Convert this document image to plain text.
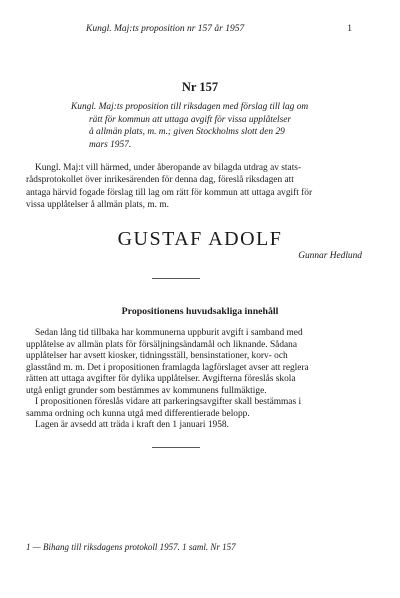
Kungl. Maj:ts proposition nr 157 år 1957	1
Nr 157
Kungl. Maj:ts proposition till riksdagen med förslag till lag om
rätt för kommun att uttaga avgift för vissa upplåtelser
å allmän plats, m. m.; given Stockholms slott den 29
mars 1957.
Kungl. Maj:t vill härmed, under åberopande av bilagda utdrag av stats-
rådsprotokollet över inrikesärenden för denna dag, föreslå riksdagen att
antaga härvid fogade förslag till lag om rätt för kommun att uttaga avgift för
vissa upplåtelser å allmän plats, m. m.
GUSTAF ADOLF
Gunnar Hedlund
Propositionens huvudsakliga innehåll
Sedan lång tid tillbaka har kommunerna uppburit avgift i samband med
upplåtelse av allmän plats för försäljningsändamål och liknande. Sådana
upplåtelser har avsett kiosker, tidningsställ, bensinstationer, korv- och
glasstånd m. m. Det i propositionen framlagda lagförslaget avser att reglera
rätten att uttaga avgifter för dylika upplåtelser. Avgifterna föreslås skola
utgå enligt grunder som bestämmes av kommunens fullmäktige.
I propositionen föreslås vidare att parkeringsavgifter skall bestämmas i
samma ordning och kunna utgå med differentierade belopp.
Lagen är avsedd att träda i kraft den 1 januari 1958.
1 — Bihang till riksdagens protokoll 1957. 1 saml. Nr 157
